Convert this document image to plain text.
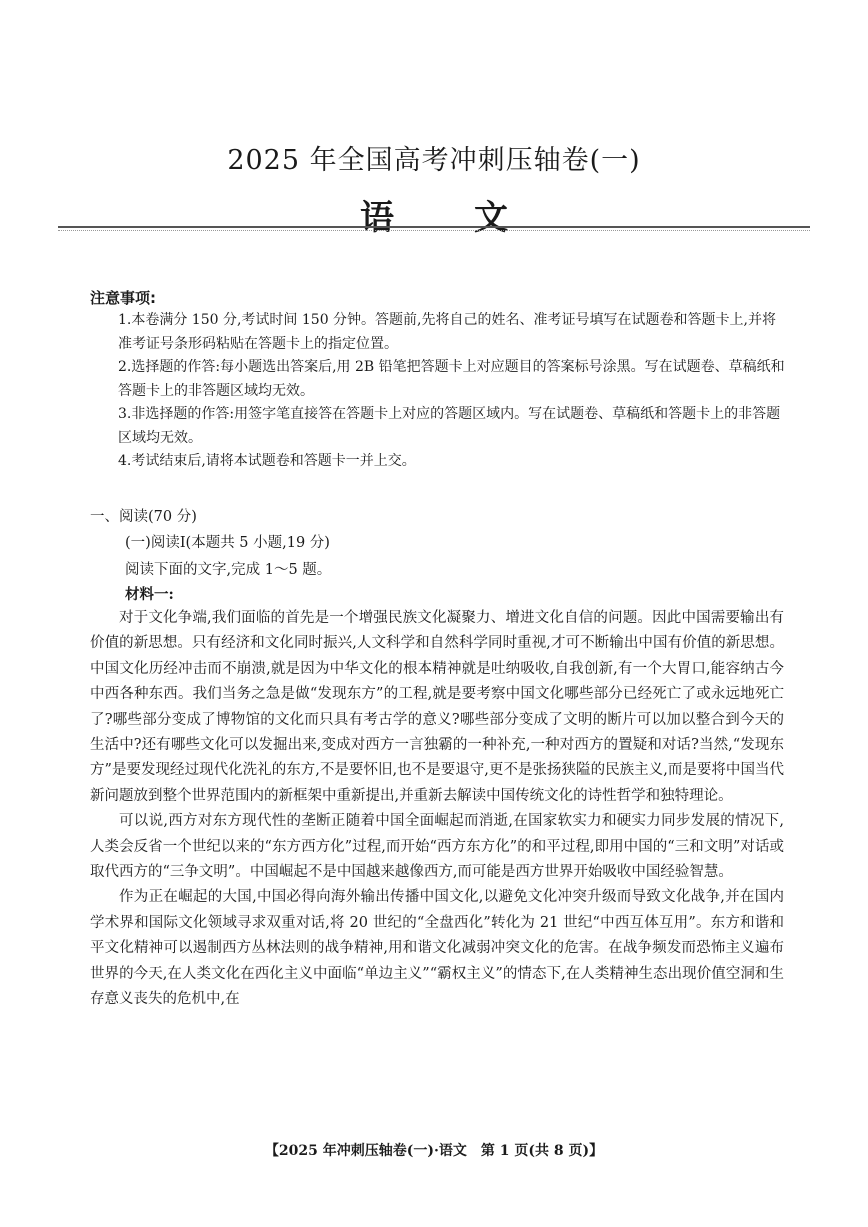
2025 年全国高考冲刺压轴卷(一)
语文
注意事项:

1.本卷满分 150 分,考试时间 150 分钟。答题前,先将自己的姓名、准考证号填写在试题卷和答题卡上,并将准考证号条形码粘贴在答题卡上的指定位置。

2.选择题的作答:每小题选出答案后,用 2B 铅笔把答题卡上对应题目的答案标号涂黑。写在试题卷、草稿纸和答题卡上的非答题区域均无效。

3.非选择题的作答:用签字笔直接答在答题卡上对应的答题区域内。写在试题卷、草稿纸和答题卡上的非答题区域均无效。

4.考试结束后,请将本试题卷和答题卡一并上交。

一、阅读(70 分)
(一)阅读Ⅰ(本题共 5 小题,19 分)
阅读下面的文字,完成 1～5 题。
材料一:

对于文化争端,我们面临的首先是一个增强民族文化凝聚力、增进文化自信的问题。因此中国需要输出有价值的新思想。只有经济和文化同时振兴,人文科学和自然科学同时重视,才可不断输出中国有价值的新思想。中国文化历经冲击而不崩溃,就是因为中华文化的根本精神就是吐纳吸收,自我创新,有一个大胃口,能容纳古今中西各种东西。我们当务之急是做“发现东方”的工程,就是要考察中国文化哪些部分已经死亡了或永远地死亡了?哪些部分变成了博物馆的文化而只具有考古学的意义?哪些部分变成了文明的断片可以加以整合到今天的生活中?还有哪些文化可以发掘出来,变成对西方一言独霸的一种补充,一种对西方的置疑和对话?当然,“发现东方”是要发现经过现代化洗礼的东方,不是要怀旧,也不是要退守,更不是张扬狭隘的民族主义,而是要将中国当代新问题放到整个世界范围内的新框架中重新提出,并重新去解读中国传统文化的诗性哲学和独特理论。

可以说,西方对东方现代性的垄断正随着中国全面崛起而消逝,在国家软实力和硬实力同步发展的情况下,人类会反省一个世纪以来的“东方西方化”过程,而开始“西方东方化”的和平过程,即用中国的“三和文明”对话或取代西方的“三争文明”。中国崛起不是中国越来越像西方,而可能是西方世界开始吸收中国经验智慧。

作为正在崛起的大国,中国必得向海外输出传播中国文化,以避免文化冲突升级而导致文化战争,并在国内学术界和国际文化领域寻求双重对话,将 20 世纪的“全盘西化”转化为 21 世纪“中西互体互用”。东方和谐和平文化精神可以遏制西方丛林法则的战争精神,用和谐文化减弱冲突文化的危害。在战争频发而恐怖主义遍布世界的今天,在人类文化在西化主义中面临“单边主义”“霸权主义”的情态下,在人类精神生态出现价值空洞和生存意义丧失的危机中,在

【2025 年冲刺压轴卷(一)·语文　第 1 页(共 8 页)】
